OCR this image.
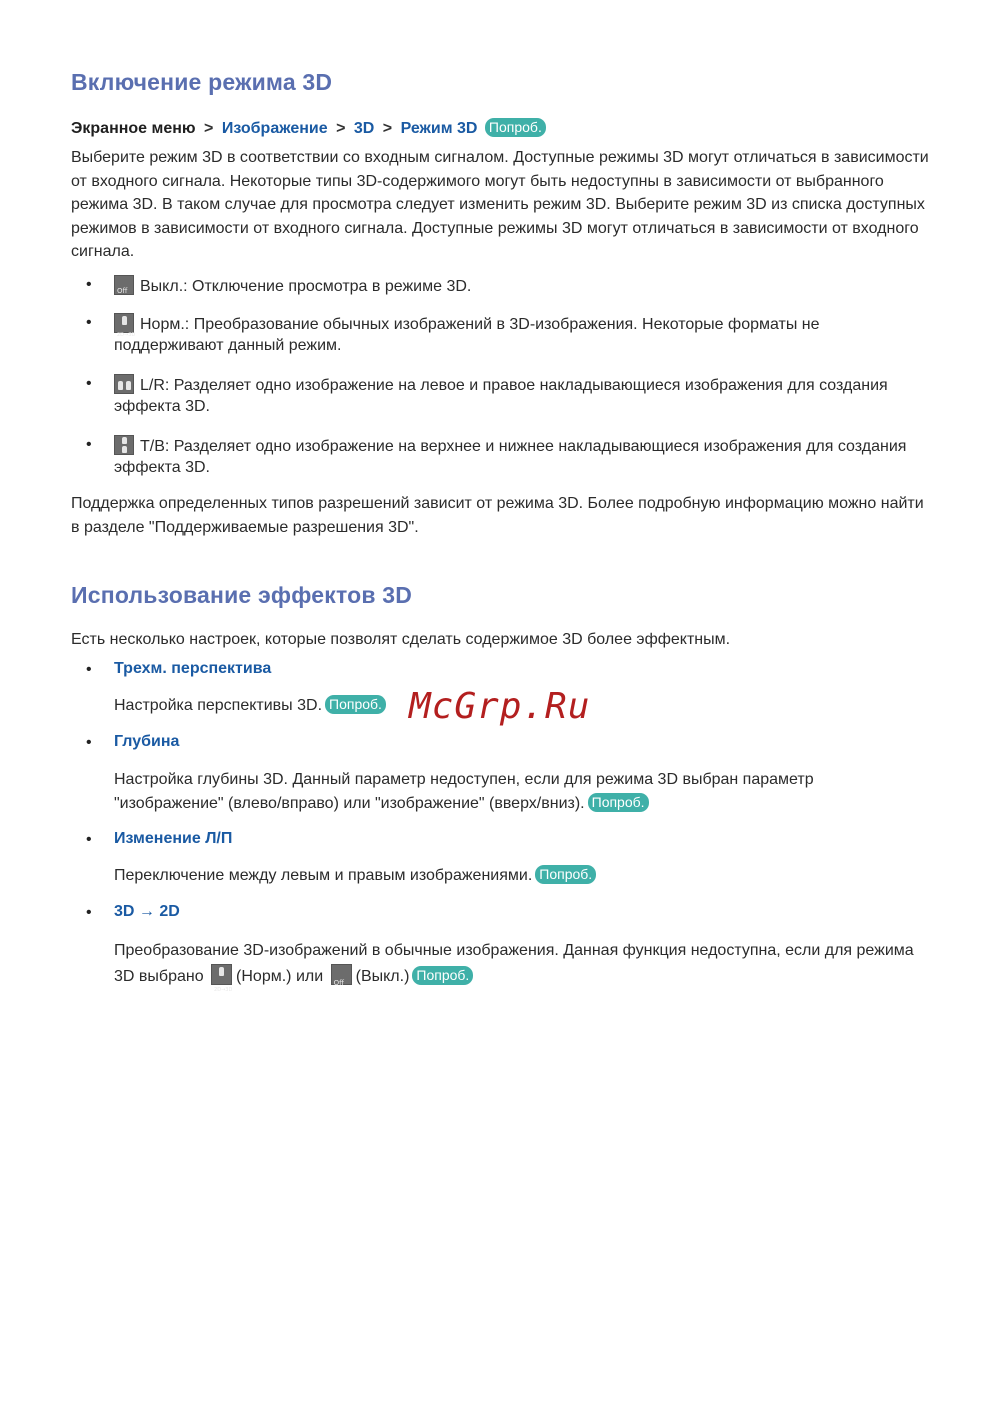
Включение режима 3D
Экранное меню > Изображение > 3D > Режим 3D Попроб.
Выберите режим 3D в соответствии со входным сигналом. Доступные режимы 3D могут отличаться в зависимости от входного сигнала. Некоторые типы 3D-содержимого могут быть недоступны в зависимости от выбранного режима 3D. В таком случае для просмотра следует изменить режим 3D. Выберите режим 3D из списка доступных режимов в зависимости от входного сигнала. Доступные режимы 3D могут отличаться в зависимости от входного сигнала.
•
Off Выкл.: Отключение просмотра в режиме 3D.
•
2D→3D
Норм.: Преобразование обычных изображений в 3D-изображения. Некоторые форматы не поддерживают данный режим.
•
L/R: Разделяет одно изображение на левое и правое накладывающиеся изображения для создания эффекта 3D.
•
T/B: Разделяет одно изображение на верхнее и нижнее накладывающиеся изображения для создания эффекта 3D.
Поддержка определенных типов разрешений зависит от режима 3D. Более подробную информацию можно найти в разделе "Поддерживаемые разрешения 3D".
Использование эффектов 3D
Есть несколько настроек, которые позволят сделать содержимое 3D более эффектным.
•
Трехм. перспектива
Настройка перспективы 3D. Попроб. McGrp.Ru
•
Глубина
Настройка глубины 3D. Данный параметр недоступен, если для режима 3D выбран параметр "изображение" (влево/вправо) или "изображение" (вверх/вниз). Попроб.
•
Изменение Л/П
Переключение между левым и правым изображениями. Попроб.
•
3D → 2D
Преобразование 3D-изображений в обычные изображения. Данная функция недоступна, если для режима 3D выбрано
2D→3D
(Норм.) или Off (Выкл.) Попроб.
